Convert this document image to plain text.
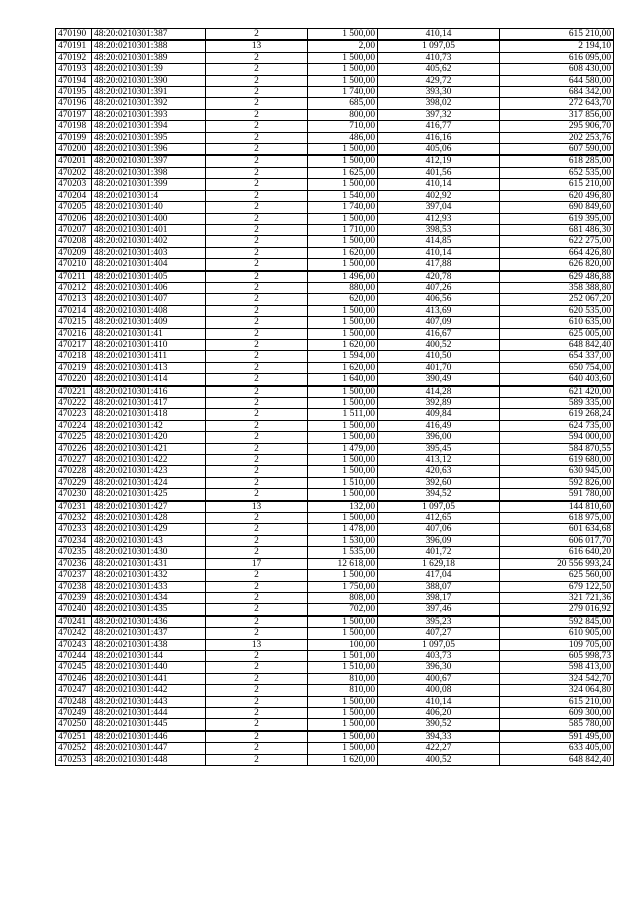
470190	48:20:0210301:387	2	1 500,00	410,14	615 210,00
470191	48:20:0210301:388	13	2,00	1 097,05	2 194,10
470192	48:20:0210301:389	2	1 500,00	410,73	616 095,00
470193	48:20:0210301:39	2	1 500,00	405,62	608 430,00
470194	48:20:0210301:390	2	1 500,00	429,72	644 580,00
470195	48:20:0210301:391	2	1 740,00	393,30	684 342,00
470196	48:20:0210301:392	2	685,00	398,02	272 643,70
470197	48:20:0210301:393	2	800,00	397,32	317 856,00
470198	48:20:0210301:394	2	710,00	416,77	295 906,70
470199	48:20:0210301:395	2	486,00	416,16	202 253,76
470200	48:20:0210301:396	2	1 500,00	405,06	607 590,00
470201	48:20:0210301:397	2	1 500,00	412,19	618 285,00
470202	48:20:0210301:398	2	1 625,00	401,56	652 535,00
470203	48:20:0210301:399	2	1 500,00	410,14	615 210,00
470204	48:20:0210301:4	2	1 540,00	402,92	620 496,80
470205	48:20:0210301:40	2	1 740,00	397,04	690 849,60
470206	48:20:0210301:400	2	1 500,00	412,93	619 395,00
470207	48:20:0210301:401	2	1 710,00	398,53	681 486,30
470208	48:20:0210301:402	2	1 500,00	414,85	622 275,00
470209	48:20:0210301:403	2	1 620,00	410,14	664 426,80
470210	48:20:0210301:404	2	1 500,00	417,88	626 820,00
470211	48:20:0210301:405	2	1 496,00	420,78	629 486,88
470212	48:20:0210301:406	2	880,00	407,26	358 388,80
470213	48:20:0210301:407	2	620,00	406,56	252 067,20
470214	48:20:0210301:408	2	1 500,00	413,69	620 535,00
470215	48:20:0210301:409	2	1 500,00	407,09	610 635,00
470216	48:20:0210301:41	2	1 500,00	416,67	625 005,00
470217	48:20:0210301:410	2	1 620,00	400,52	648 842,40
470218	48:20:0210301:411	2	1 594,00	410,50	654 337,00
470219	48:20:0210301:413	2	1 620,00	401,70	650 754,00
470220	48:20:0210301:414	2	1 640,00	390,49	640 403,60
470221	48:20:0210301:416	2	1 500,00	414,28	621 420,00
470222	48:20:0210301:417	2	1 500,00	392,89	589 335,00
470223	48:20:0210301:418	2	1 511,00	409,84	619 268,24
470224	48:20:0210301:42	2	1 500,00	416,49	624 735,00
470225	48:20:0210301:420	2	1 500,00	396,00	594 000,00
470226	48:20:0210301:421	2	1 479,00	395,45	584 870,55
470227	48:20:0210301:422	2	1 500,00	413,12	619 680,00
470228	48:20:0210301:423	2	1 500,00	420,63	630 945,00
470229	48:20:0210301:424	2	1 510,00	392,60	592 826,00
470230	48:20:0210301:425	2	1 500,00	394,52	591 780,00
470231	48:20:0210301:427	13	132,00	1 097,05	144 810,60
470232	48:20:0210301:428	2	1 500,00	412,65	618 975,00
470233	48:20:0210301:429	2	1 478,00	407,06	601 634,68
470234	48:20:0210301:43	2	1 530,00	396,09	606 017,70
470235	48:20:0210301:430	2	1 535,00	401,72	616 640,20
470236	48:20:0210301:431	17	12 618,00	1 629,18	20 556 993,24
470237	48:20:0210301:432	2	1 500,00	417,04	625 560,00
470238	48:20:0210301:433	2	1 750,00	388,07	679 122,50
470239	48:20:0210301:434	2	808,00	398,17	321 721,36
470240	48:20:0210301:435	2	702,00	397,46	279 016,92
470241	48:20:0210301:436	2	1 500,00	395,23	592 845,00
470242	48:20:0210301:437	2	1 500,00	407,27	610 905,00
470243	48:20:0210301:438	13	100,00	1 097,05	109 705,00
470244	48:20:0210301:44	2	1 501,00	403,73	605 998,73
470245	48:20:0210301:440	2	1 510,00	396,30	598 413,00
470246	48:20:0210301:441	2	810,00	400,67	324 542,70
470247	48:20:0210301:442	2	810,00	400,08	324 064,80
470248	48:20:0210301:443	2	1 500,00	410,14	615 210,00
470249	48:20:0210301:444	2	1 500,00	406,20	609 300,00
470250	48:20:0210301:445	2	1 500,00	390,52	585 780,00
470251	48:20:0210301:446	2	1 500,00	394,33	591 495,00
470252	48:20:0210301:447	2	1 500,00	422,27	633 405,00
470253	48:20:0210301:448	2	1 620,00	400,52	648 842,40
